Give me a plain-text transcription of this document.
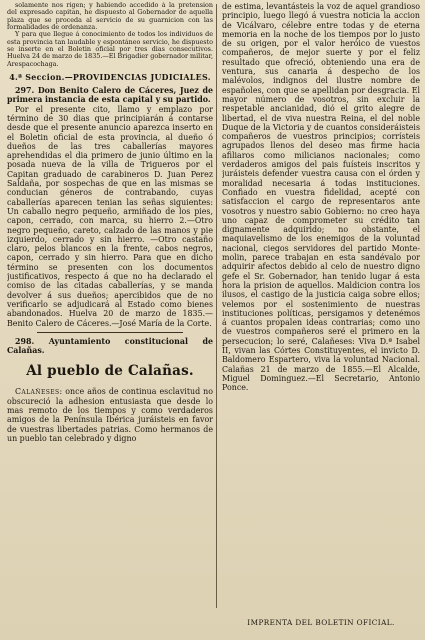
solamente nos rigen; y habiendo accedido á la pretension del expresado capitan, he dispuesto al Gobernador de aquella plaza que se proceda al servicio de su guarnicion con las formalidades de ordenanza.

Y para que llegue á conocimiento de todos los individuos de esta provincia tan laudable y espontáneo servicio, he dispuesto se inserte en el Boletin oficial por tres dias consecutivos. Huelva 24 de marzo de 1835.—El Brigadier gobernador militar, Arespacochaga.

4.ª Seccion.—PROVIDENCIAS JUDICIALES.

297. Don Benito Calero de Cáceres, Juez de primera instancia de esta capital y su partido.

Por el presente cito, llamo y emplazo por término de 30 dias que principiarán á contarse desde que el presente anuncio aparezca inserto en el Boletin oficial de esta provincia, al dueño ó dueños de las tres caballerías mayores aprehendidas el dia primero de junio último en la posada nueva de la villa de Trigueros por el Capitan graduado de carabineros D. Juan Perez Saldaña, por sospechas de que en las mismas se conducian géneros de contrabando, cuyas caballerías aparecen tenian las señas siguientes: Un caballo negro pequeño, armiñado de los pies, capon, cerrado, con marca, su hierro 2.—Otro negro pequeño, careto, calzado de las manos y pie izquierdo, cerrado y sin hierro. —Otro castaño claro, pelos blancos en la frente, cabos negros, capon, cerrado y sin hierro. Para que en dicho término se presenten con los documentos justificativos, respecto á que no ha declarado el comiso de las citadas caballerías, y se manda devolver á sus dueños; apercibidos que de no verificarlo se adjudicará al Estado como bienes abandonados. Huelva 20 de marzo de 1835.—Benito Calero de Cáceres.—José María de la Corte.

298. Ayuntamiento constitucional de Calañas.

Al pueblo de Calañas.

Calañeses: once años de continua esclavitud no obscureció la adhesion entusiasta que desde lo mas remoto de los tiempos y como verdaderos amigos de la Península Ibérica juráisteis en favor de vuestras libertades patrias. Como hermanos de un pueblo tan celebrado y digno

de estima, levantásteis la voz de aquel grandioso principio, luego llegó á vuestra noticia la accion de Vicálvaro, célebre entre todas y de eterna memoria en la noche de los tiempos por lo justo de su origen, por el valor heróico de vuestos compañeros, de mejor suerte y por el feliz resultado que ofreció, obteniendo una era de ventura, sus canaria á despecho de los malévolos, indignos del ilustre nombre de españoles, con que se apellidan por desgracia. El mayor número de vosotros, sin excluir la respetable ancianidad, dió el grito alegre de libertad, el de viva nuestra Reina, el del noble Duque de la Victoria y de cuantos consideráisteis compañeros de vuestros principios; corrísteis agrupados llenos del deseo mas firme hacia afiliaros como milicianos nacionales; como verdaderos amigos del pais fuísteis inscritos y juráisteis defender vuestra causa con el órden y moralidad necesaria á todas instituciones. Confiado en vuestra fidelidad, acepté con satisfaccion el cargo de representaros ante vosotros y nuestro sabio Gobierno: no creo haya uno capaz de comprometer su crédito tan dignamente adquirido; no obstante, el maquiavelismo de los enemigos de la voluntad nacional, ciegos servidores del partido Monte-molin, parece trabajan en esta sandévalo por adquirir afectos debido al celo de nuestro digno gefe el Sr. Gobernador, han tenido lugar á esta hora la prision de aquellos. Maldicion contra los ilusos, el castigo de la justicia caiga sobre ellos; velemos por el sostenimiento de nuestras instituciones políticas, persigamos y detenémos á cuantos propalen ideas contrarias; como uno de vuestros compañeros seré el primero en la persecucion; lo seré, Calañeses: Viva D.ª Isabel II, vivan las Córtes Constituyentes, el invicto D. Baldomero Espartero, viva la voluntad Nacional. Calañas 21 de marzo de 1855.—El Alcalde, Miguel Dominguez.—El Secretario, Antonio Ponce.

IMPRENTA DEL BOLETIN OFICIAL.
